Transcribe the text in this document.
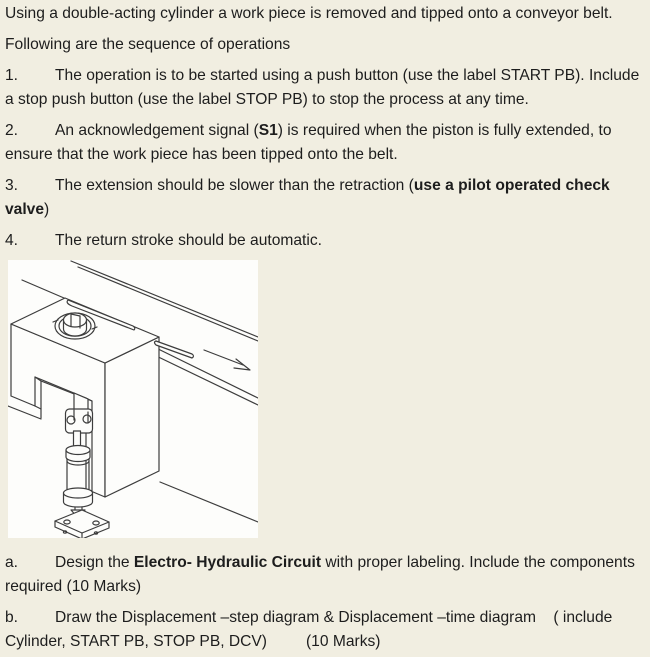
Using a double-acting cylinder a work piece is removed and tipped onto a conveyor belt.
Following are the sequence of operations
1. The operation is to be started using a push button (use the label START PB). Include
a stop push button (use the label STOP PB) to stop the process at any time.
2. An acknowledgement signal (S1) is required when the piston is fully extended, to
ensure that the work piece has been tipped onto the belt.
3. The extension should be slower than the retraction (use a pilot operated check
valve)
4. The return stroke should be automatic.
a. Design the Electro- Hydraulic Circuit with proper labeling. Include the components
required (10 Marks)
b. Draw the Displacement –step diagram & Displacement –time diagram    ( include
Cylinder, START PB, STOP PB, DCV)         (10 Marks)
